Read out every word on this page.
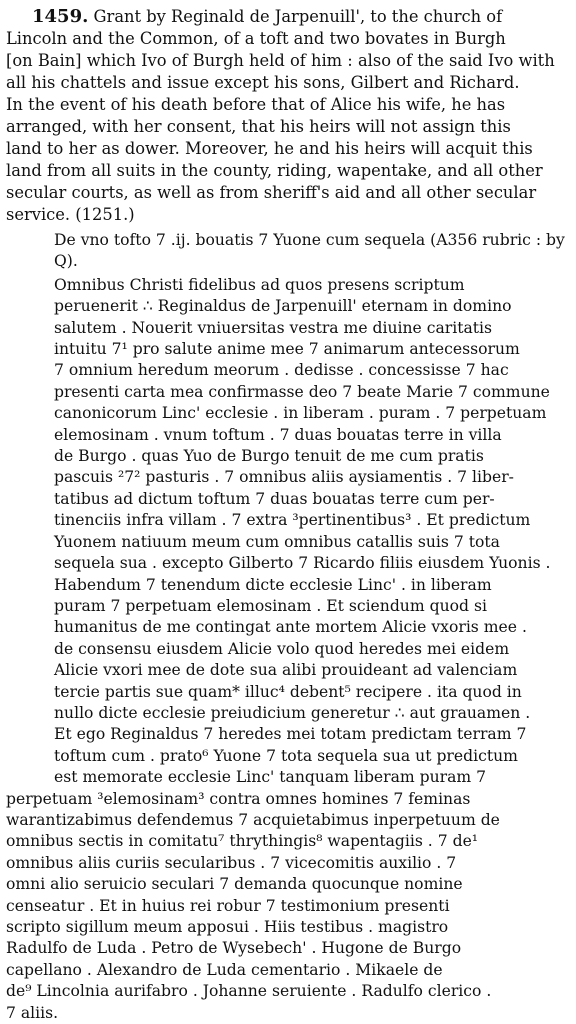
1459. Grant by Reginald de Jarpenuill', to the church of
Lincoln and the Common, of a toft and two bovates in Burgh
[on Bain] which Ivo of Burgh held of him : also of the said Ivo with
all his chattels and issue except his sons, Gilbert and Richard.
In the event of his death before that of Alice his wife, he has
arranged, with her consent, that his heirs will not assign this
land to her as dower. Moreover, he and his heirs will acquit this
land from all suits in the county, riding, wapentake, and all other
secular courts, as well as from sheriff's aid and all other secular
service. (1251.)
De vno tofto 7 .ij. bouatis 7 Yuone cum sequela (A356 rubric : by Q).
Omnibus Christi fidelibus ad quos presens scriptum
peruenerit ∴ Reginaldus de Jarpenuill' eternam in domino
salutem . Nouerit vniuersitas vestra me diuine caritatis
intuitu 7¹ pro salute anime mee 7 animarum antecessorum
7 omnium heredum meorum . dedisse . concessisse 7 hac
presenti carta mea confirmasse deo 7 beate Marie 7 commune
canonicorum Linc' ecclesie . in liberam . puram . 7 perpetuam
elemosinam . vnum toftum . 7 duas bouatas terre in villa
de Burgo . quas Yuo de Burgo tenuit de me cum pratis
pascuis ²7² pasturis . 7 omnibus aliis aysiamentis . 7 liber-
tatibus ad dictum toftum 7 duas bouatas terre cum per-
tinenciis infra villam . 7 extra ³pertinentibus³ . Et predictum
Yuonem natiuum meum cum omnibus catallis suis 7 tota
sequela sua . excepto Gilberto 7 Ricardo filiis eiusdem Yuonis .
Habendum 7 tenendum dicte ecclesie Linc' . in liberam
puram 7 perpetuam elemosinam . Et sciendum quod si
humanitus de me contingat ante mortem Alicie vxoris mee .
de consensu eiusdem Alicie volo quod heredes mei eidem
Alicie vxori mee de dote sua alibi prouideant ad valenciam
tercie partis sue quam* illuc⁴ debent⁵ recipere . ita quod in
nullo dicte ecclesie preiudicium generetur ∴ aut grauamen .
Et ego Reginaldus 7 heredes mei totam predictam terram 7
toftum cum . prato⁶ Yuone 7 tota sequela sua ut predictum
est memorate ecclesie Linc' tanquam liberam puram 7
perpetuam ³elemosinam³ contra omnes homines 7 feminas
warantizabimus defendemus 7 acquietabimus inperpetuum de
omnibus sectis in comitatu⁷ thrythingis⁸ wapentagiis . 7 de¹
omnibus aliis curiis secularibus . 7 vicecomitis auxilio . 7
omni alio seruicio seculari 7 demanda quocunque nomine
censeatur . Et in huius rei robur 7 testimonium presenti
scripto sigillum meum apposui . Hiis testibus . magistro
Radulfo de Luda . Petro de Wysebech' . Hugone de Burgo
capellano . Alexandro de Luda cementario . Mikaele de
de⁹ Lincolnia aurifabro . Johanne seruiente . Radulfo clerico .
7 aliis.
